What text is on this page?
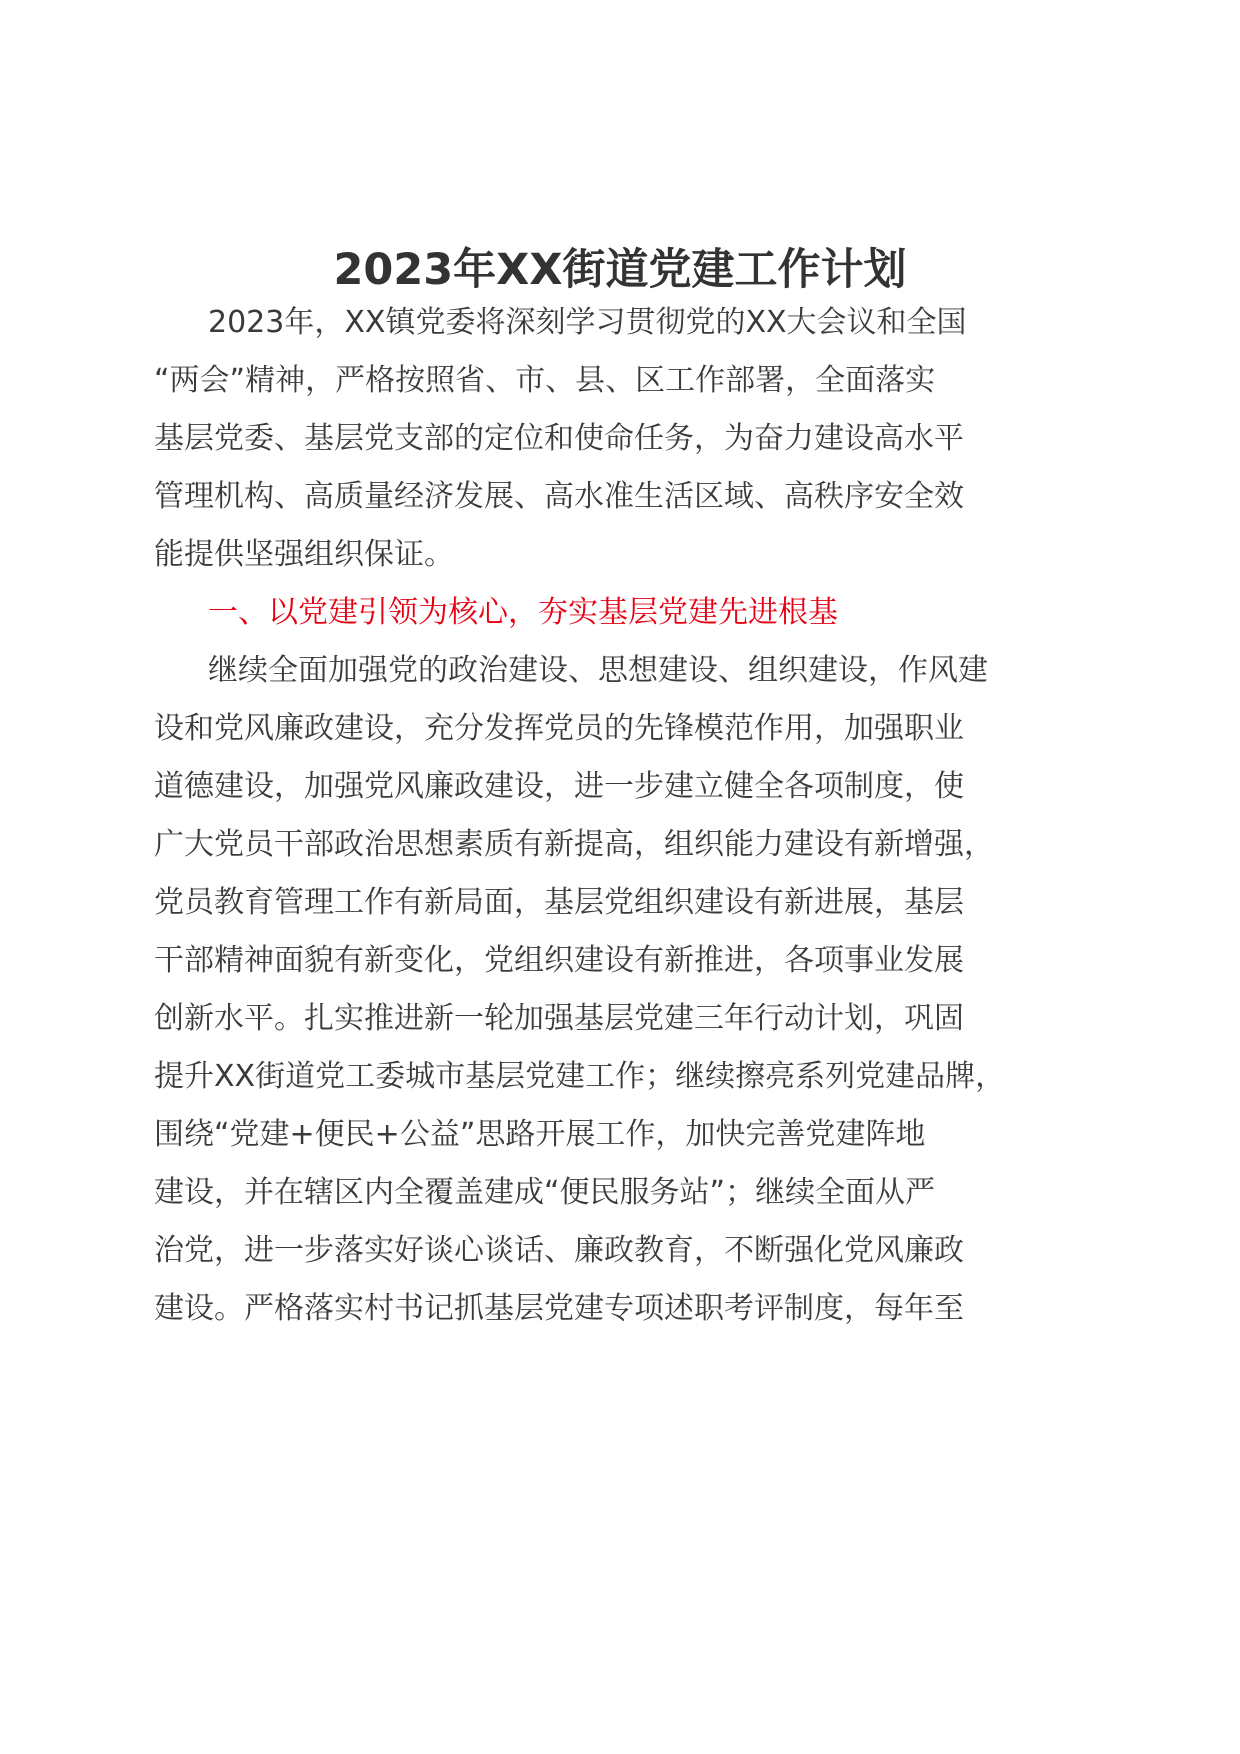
2023年XX街道党建工作计划
2023年，XX镇党委将深刻学习贯彻党的XX大会议和全国
“两会”精神，严格按照省、市、县、区工作部署，全面落实
基层党委、基层党支部的定位和使命任务，为奋力建设高水平
管理机构、高质量经济发展、高水准生活区域、高秩序安全效
能提供坚强组织保证。
一、以党建引领为核心，夯实基层党建先进根基
继续全面加强党的政治建设、思想建设、组织建设，作风建
设和党风廉政建设，充分发挥党员的先锋模范作用，加强职业
道德建设，加强党风廉政建设，进一步建立健全各项制度，使
广大党员干部政治思想素质有新提高，组织能力建设有新增强，
党员教育管理工作有新局面，基层党组织建设有新进展，基层
干部精神面貌有新变化，党组织建设有新推进，各项事业发展
创新水平。扎实推进新一轮加强基层党建三年行动计划，巩固
提升XX街道党工委城市基层党建工作；继续擦亮系列党建品牌，
围绕“党建+便民+公益”思路开展工作，加快完善党建阵地
建设，并在辖区内全覆盖建成“便民服务站”；继续全面从严
治党，进一步落实好谈心谈话、廉政教育，不断强化党风廉政
建设。严格落实村书记抓基层党建专项述职考评制度，每年至
